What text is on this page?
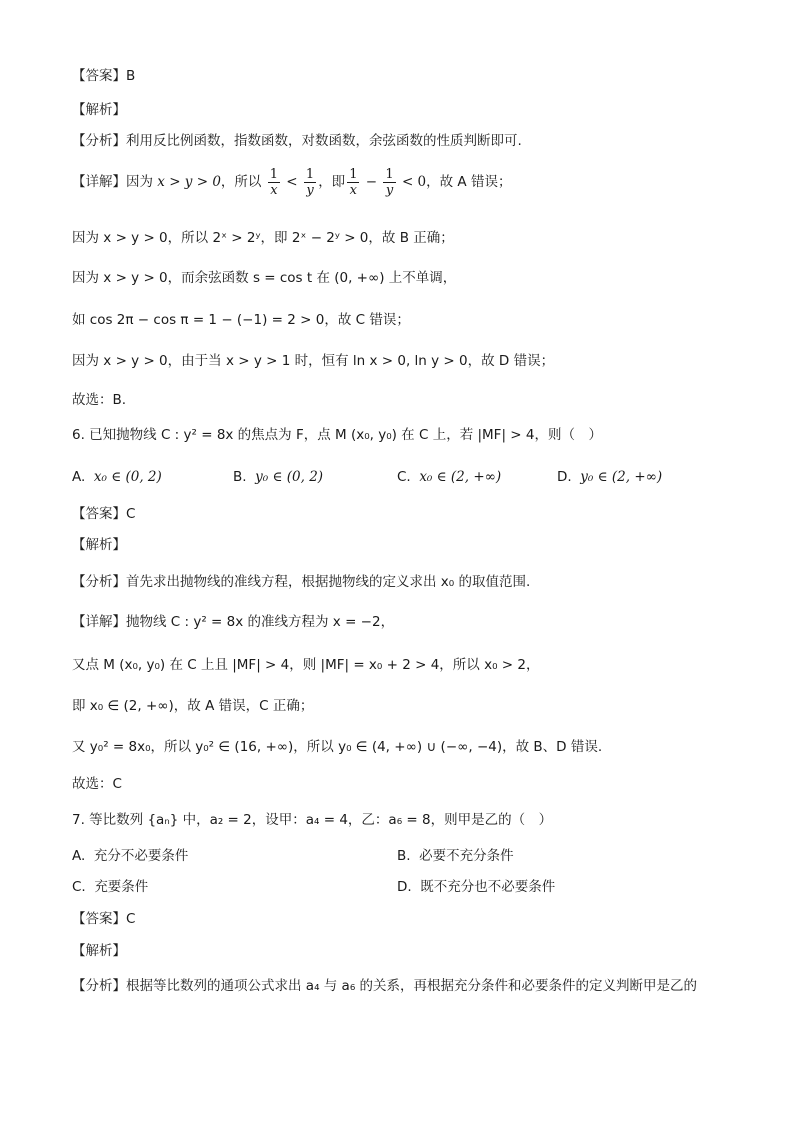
【答案】B
【解析】
【分析】利用反比例函数，指数函数，对数函数，余弦函数的性质判断即可.
【详解】因为 x > y > 0，所以 $\frac{1}{x} < \frac{1}{y}$ ，即 $\frac{1}{x} - \frac{1}{y} < 0$，故 A 错误；
因为 x > y > 0，所以 2ˣ > 2ʸ，即 2ˣ − 2ʸ > 0，故 B 正确；
因为 x > y > 0，而余弦函数 s = cos t 在 (0, +∞) 上不单调，
如 cos 2π − cos π = 1 − (−1) = 2 > 0，故 C 错误；
因为 x > y > 0，由于当 x > y > 1 时，恒有 ln x > 0, ln y > 0，故 D 错误；
故选：B.
6. 已知抛物线 C : y² = 8x 的焦点为 F，点 M (x₀, y₀) 在 C 上，若 |MF| > 4，则（　）
A. x₀ ∈ (0, 2)	B. y₀ ∈ (0, 2)	C. x₀ ∈ (2, +∞)	D. y₀ ∈ (2, +∞)
【答案】C
【解析】
【分析】首先求出抛物线的准线方程，根据抛物线的定义求出 x₀ 的取值范围.
【详解】抛物线 C : y² = 8x 的准线方程为 x = −2，
又点 M (x₀, y₀) 在 C 上且 |MF| > 4，则 |MF| = x₀ + 2 > 4，所以 x₀ > 2，
即 x₀ ∈ (2, +∞)，故 A 错误，C 正确；
又 y₀² = 8x₀，所以 y₀² ∈ (16, +∞)，所以 y₀ ∈ (4, +∞) ∪ (−∞, −4)，故 B、D 错误.
故选：C
7. 等比数列 {aₙ} 中，a₂ = 2，设甲：a₄ = 4，乙：a₆ = 8，则甲是乙的（　）
A. 充分不必要条件	B. 必要不充分条件
C. 充要条件	D. 既不充分也不必要条件
【答案】C
【解析】
【分析】根据等比数列的通项公式求出 a₄ 与 a₆ 的关系，再根据充分条件和必要条件的定义判断甲是乙的
